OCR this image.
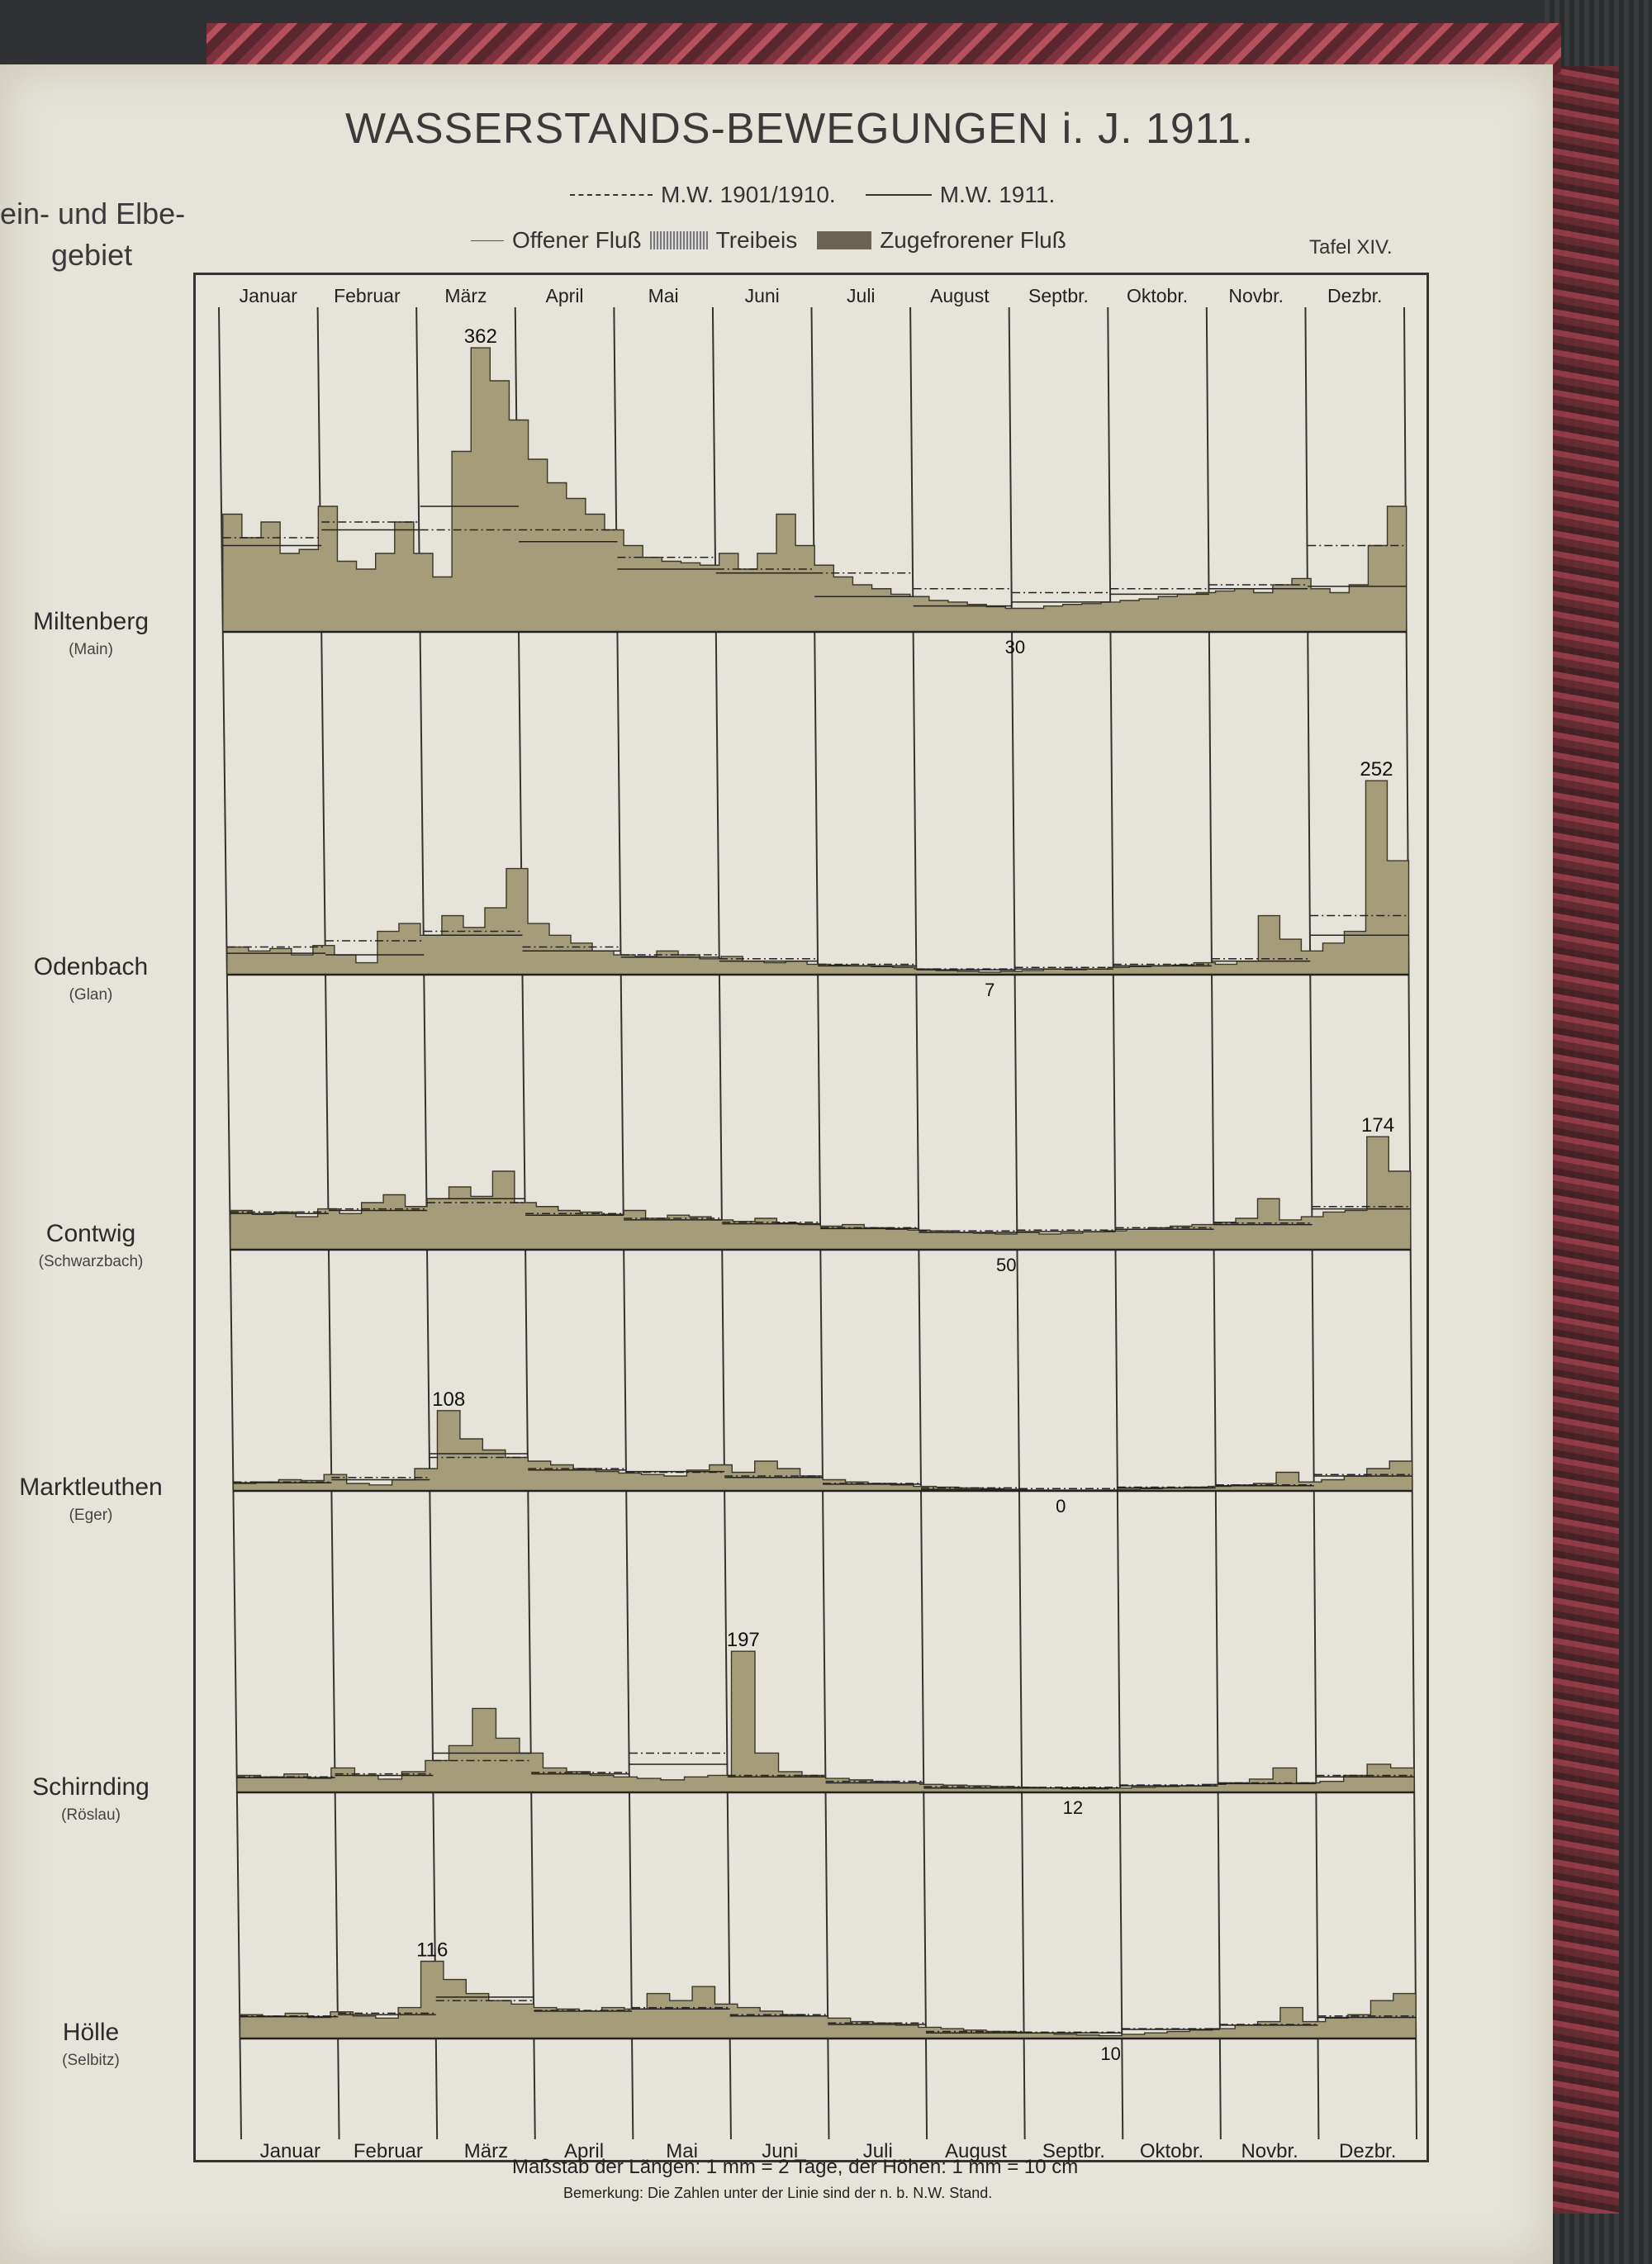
ein- und Elbe-
gebiet
WASSERSTANDS-BEWEGUNGEN i. J. 1911.
M.W. 1901/1910.	M.W. 1911.
Offener Fluß	Treibeis	Zugefrorener Fluß	Tafel XIV.
Januar
Januar
Februar
Februar
März
März
April
April
Mai
Mai
Juni
Juni
Juli
Juli
August
August
Septbr.
Septbr.
Oktobr.
Oktobr.
Novbr.
Novbr.
Dezbr.
Dezbr.
362
30
252
7
174
50
108
0
197
12
116
10
Miltenberg
(Main)
Odenbach
(Glan)
Contwig
(Schwarzbach)
Marktleuthen
(Eger)
Schirnding
(Röslau)
Hölle
(Selbitz)
Maßstab der Längen: 1 mm = 2 Tage, der Höhen: 1 mm = 10 cm
Bemerkung: Die Zahlen unter der Linie sind der n. b. N.W. Stand.
